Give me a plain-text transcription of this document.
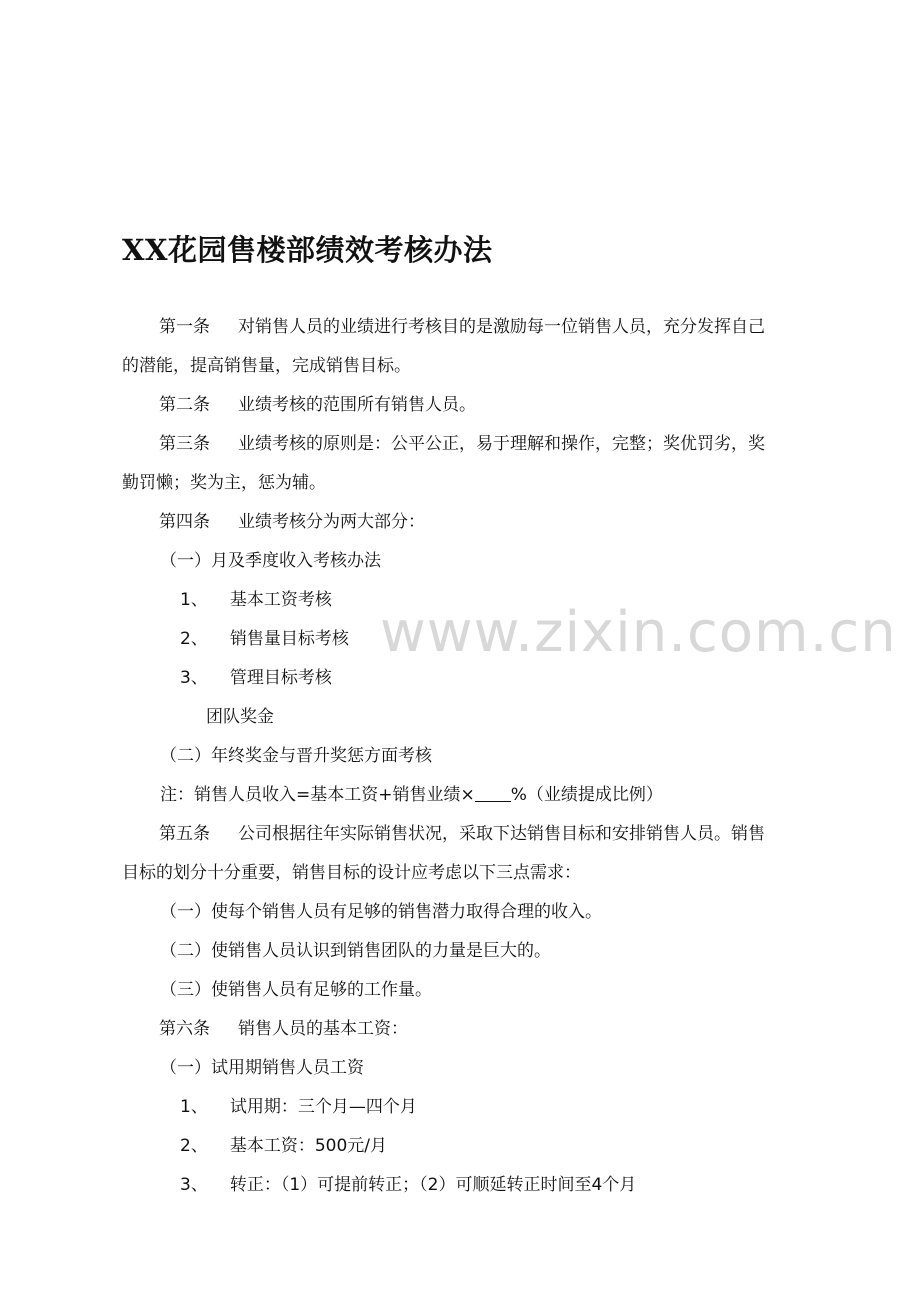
www.zixin.com.cn
XX花园售楼部绩效考核办法

第一条 对销售人员的业绩进行考核目的是激励每一位销售人员，充分发挥自己

的潜能，提高销售量，完成销售目标。

第二条 业绩考核的范围所有销售人员。

第三条 业绩考核的原则是：公平公正，易于理解和操作，完整；奖优罚劣，奖

勤罚懒；奖为主，惩为辅。

第四条 业绩考核分为两大部分：

（一）月及季度收入考核办法

1、 基本工资考核

2、 销售量目标考核

3、 管理目标考核

团队奖金

（二）年终奖金与晋升奖惩方面考核

注：销售人员收入=基本工资+销售业绩× %（业绩提成比例）

第五条 公司根据往年实际销售状况，采取下达销售目标和安排销售人员。销售

目标的划分十分重要，销售目标的设计应考虑以下三点需求：

（一）使每个销售人员有足够的销售潜力取得合理的收入。

（二）使销售人员认识到销售团队的力量是巨大的。

（三）使销售人员有足够的工作量。

第六条 销售人员的基本工资：

（一）试用期销售人员工资

1、 试用期：三个月—四个月

2、 基本工资：500元/月

3、 转正：（1）可提前转正；（2）可顺延转正时间至4个月
